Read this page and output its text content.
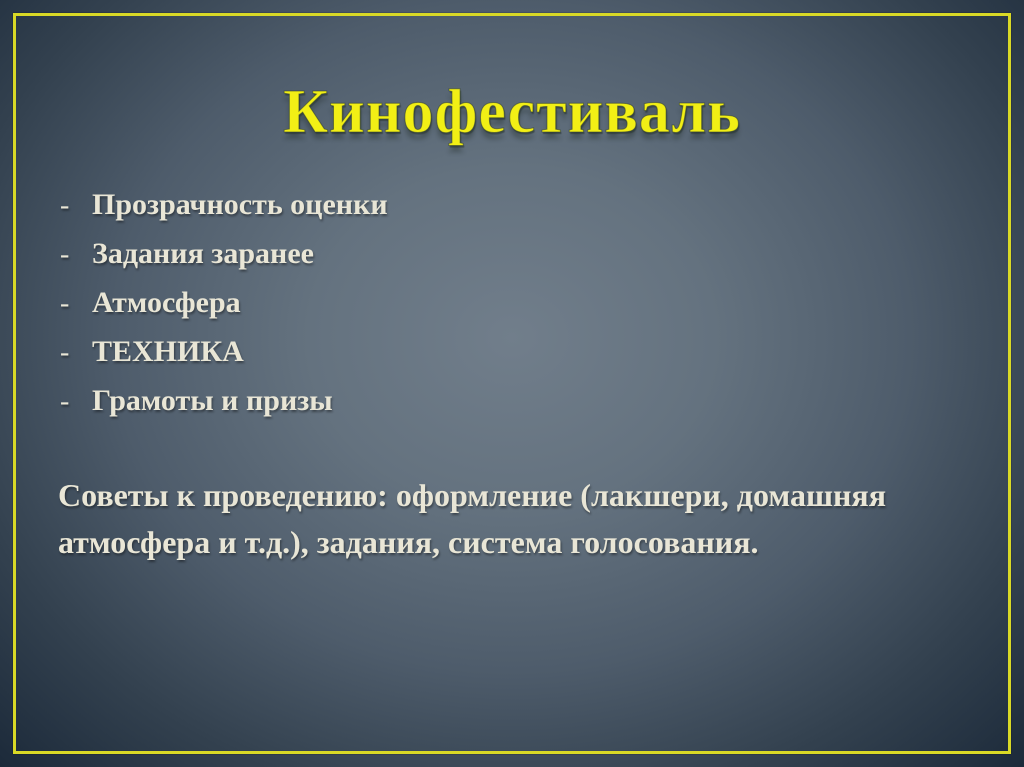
Кинофестиваль
- Прозрачность оценки
- Задания заранее
- Атмосфера
- ТЕХНИКА
- Грамоты и призы
Советы к проведению: оформление (лакшери, домашняя
атмосфера и т.д.), задания, система голосования.
